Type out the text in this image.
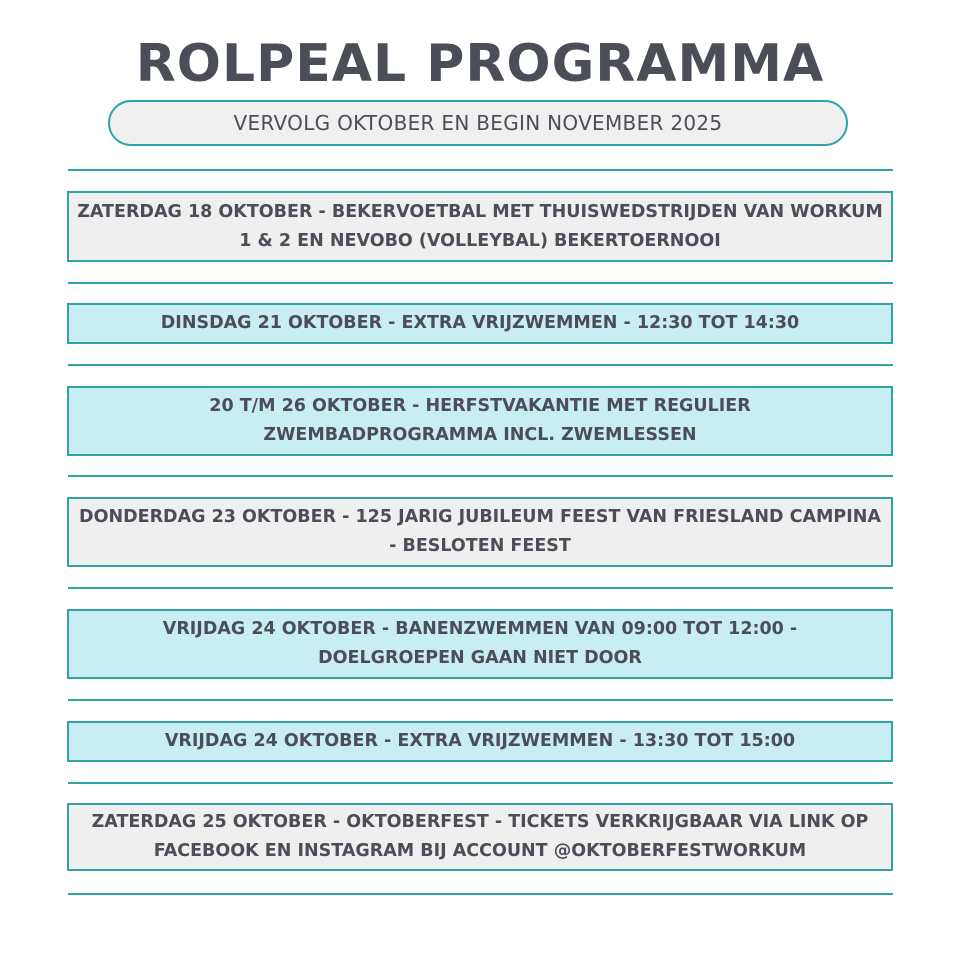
ROLPEAL PROGRAMMA
VERVOLG OKTOBER EN BEGIN NOVEMBER 2025
ZATERDAG 18 OKTOBER - BEKERVOETBAL MET THUISWEDSTRIJDEN VAN WORKUM 1 & 2 EN NEVOBO (VOLLEYBAL) BEKERTOERNOOI
DINSDAG 21 OKTOBER - EXTRA VRIJZWEMMEN - 12:30 TOT 14:30
20 T/M 26 OKTOBER - HERFSTVAKANTIE MET REGULIER ZWEMBADPROGRAMMA INCL. ZWEMLESSEN
DONDERDAG 23 OKTOBER - 125 JARIG JUBILEUM FEEST VAN FRIESLAND CAMPINA - BESLOTEN FEEST
VRIJDAG 24 OKTOBER - BANENZWEMMEN VAN 09:00 TOT 12:00 - DOELGROEPEN GAAN NIET DOOR
VRIJDAG 24 OKTOBER - EXTRA VRIJZWEMMEN - 13:30 TOT 15:00
ZATERDAG 25 OKTOBER - OKTOBERFEST - TICKETS VERKRIJGBAAR VIA LINK OP FACEBOOK EN INSTAGRAM BIJ ACCOUNT @OKTOBERFESTWORKUM
